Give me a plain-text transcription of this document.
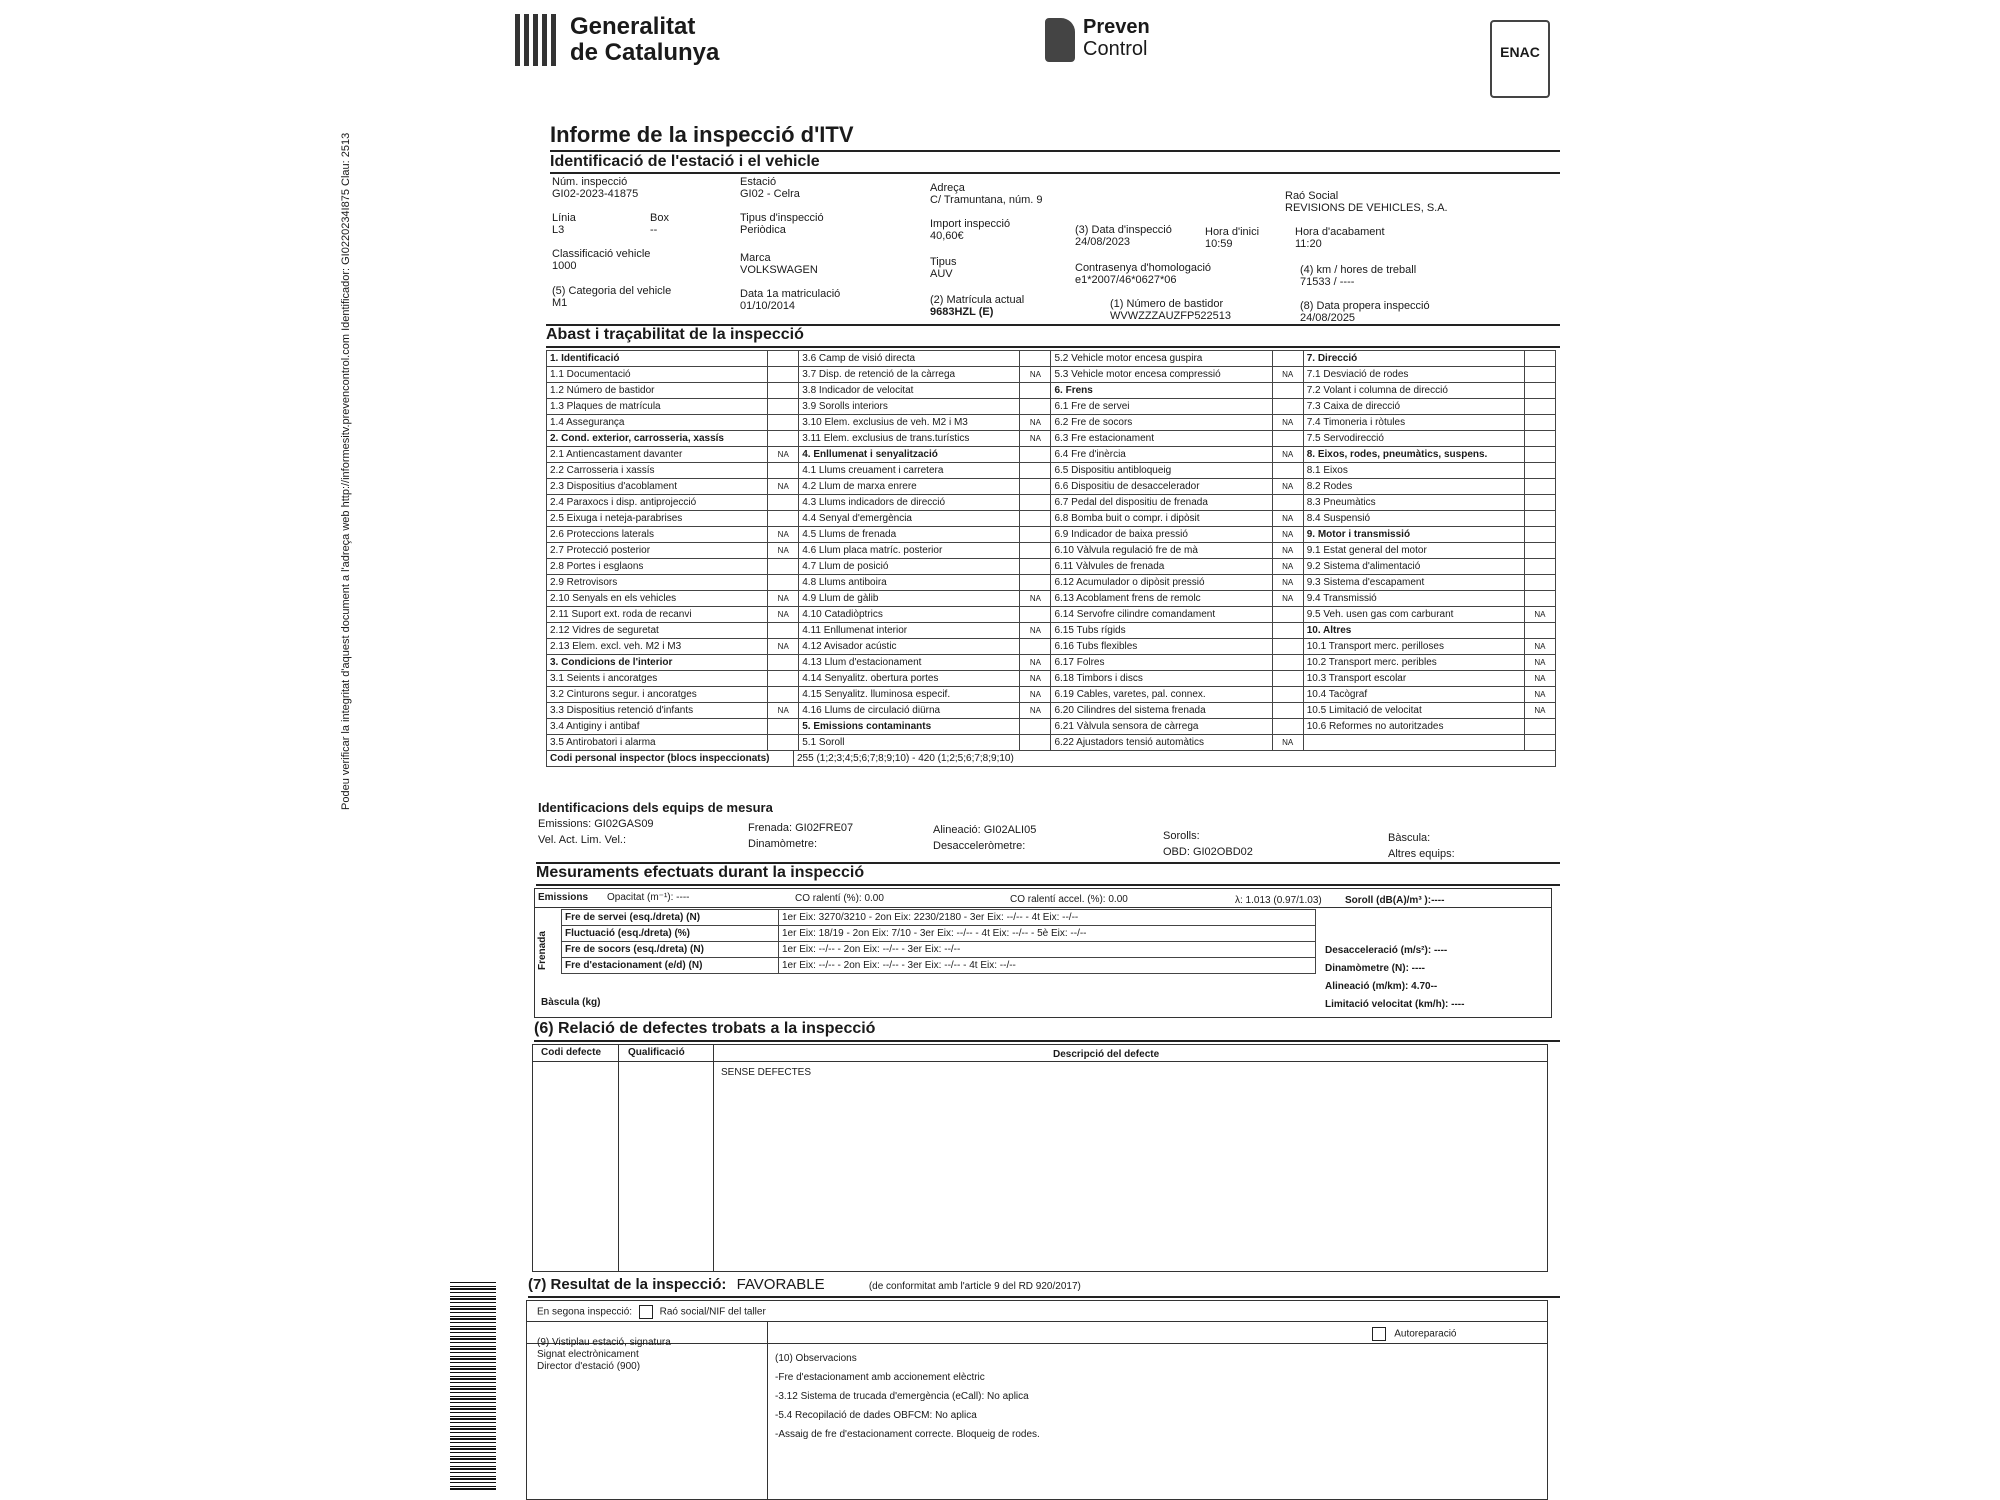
Generalitat
de Catalunya
Preven
Control	ENAC
Informe de la inspecció d'ITV
Identificació de l'estació i el vehicle
Núm. inspecció
GI02-2023-41875
Estació
GI02 - Celra	Adreça
C/ Tramuntana, núm. 9	Raó Social
REVISIONS DE VEHICLES, S.A.
Línia
L3
Box
--
Tipus d'inspecció
Periòdica	Import inspecció
40,60€	(3) Data d'inspecció
24/08/2023
Hora d'inici
10:59
Hora d'acabament
11:20
Classificació vehicle
1000
Marca
VOLKSWAGEN
Tipus
AUV	Contrasenya d'homologació
e1*2007/46*0627*06
(4) km / hores de treball
71533 / ----
(5) Categoria del vehicle
M1
Data 1a matriculació
01/10/2014	(2) Matrícula actual
9683HZL (E)
(1) Número de bastidor
WVWZZZAUZFP522513
(8) Data propera inspecció
24/08/2025
Abast i traçabilitat de la inspecció
1. Identificació		3.6 Camp de visió directa		5.2 Vehicle motor encesa guspira		7. Direcció	
1.1 Documentació		3.7 Disp. de retenció de la càrrega	NA	5.3 Vehicle motor encesa compressió	NA	7.1 Desviació de rodes	
1.2 Número de bastidor		3.8 Indicador de velocitat		6. Frens		7.2 Volant i columna de direcció	
1.3 Plaques de matrícula		3.9 Sorolls interiors		6.1 Fre de servei		7.3 Caixa de direcció	
1.4 Assegurança		3.10 Elem. exclusius de veh. M2 i M3	NA	6.2 Fre de socors	NA	7.4 Timoneria i ròtules	
2. Cond. exterior, carrosseria, xassís		3.11 Elem. exclusius de trans.turístics	NA	6.3 Fre estacionament		7.5 Servodirecció	
2.1 Antiencastament davanter	NA	4. Enllumenat i senyalització		6.4 Fre d'inèrcia	NA	8. Eixos, rodes, pneumàtics, suspens.	
2.2 Carrosseria i xassís		4.1 Llums creuament i carretera		6.5 Dispositiu antibloqueig		8.1 Eixos	
2.3 Dispositius d'acoblament	NA	4.2 Llum de marxa enrere		6.6 Dispositiu de desaccelerador	NA	8.2 Rodes	
2.4 Paraxocs i disp. antiprojecció		4.3 Llums indicadors de direcció		6.7 Pedal del dispositiu de frenada		8.3 Pneumàtics	
2.5 Eixuga i neteja-parabrises		4.4 Senyal d'emergència		6.8 Bomba buit o compr. i dipòsit	NA	8.4 Suspensió	
2.6 Proteccions laterals	NA	4.5 Llums de frenada		6.9 Indicador de baixa pressió	NA	9. Motor i transmissió	
2.7 Protecció posterior	NA	4.6 Llum placa matríc. posterior		6.10 Vàlvula regulació fre de mà	NA	9.1 Estat general del motor	
2.8 Portes i esglaons		4.7 Llum de posició		6.11 Vàlvules de frenada	NA	9.2 Sistema d'alimentació	
2.9 Retrovisors		4.8 Llums antiboira		6.12 Acumulador o dipòsit pressió	NA	9.3 Sistema d'escapament	
2.10 Senyals en els vehicles	NA	4.9 Llum de gàlib	NA	6.13 Acoblament frens de remolc	NA	9.4 Transmissió	
2.11 Suport ext. roda de recanvi	NA	4.10 Catadiòptrics		6.14 Servofre cilindre comandament		9.5 Veh. usen gas com carburant	NA
2.12 Vidres de seguretat		4.11 Enllumenat interior	NA	6.15 Tubs rígids		10. Altres	
2.13 Elem. excl. veh. M2 i M3	NA	4.12 Avisador acústic		6.16 Tubs flexibles		10.1 Transport merc. perilloses	NA
3. Condicions de l'interior		4.13 Llum d'estacionament	NA	6.17 Folres		10.2 Transport merc. peribles	NA
3.1 Seients i ancoratges		4.14 Senyalitz. obertura portes	NA	6.18 Timbors i discs		10.3 Transport escolar	NA
3.2 Cinturons segur. i ancoratges		4.15 Senyalitz. lluminosa especif.	NA	6.19 Cables, varetes, pal. connex.		10.4 Tacògraf	NA
3.3 Dispositius retenció d'infants	NA	4.16 Llums de circulació diürna	NA	6.20 Cilindres del sistema frenada		10.5 Limitació de velocitat	NA
3.4 Antiginy i antibaf		5. Emissions contaminants		6.21 Vàlvula sensora de càrrega		10.6 Reformes no autoritzades	
3.5 Antirobatori i alarma		5.1 Soroll		6.22 Ajustadors tensió automàtics	NA		
Codi personal inspector (blocs inspeccionats)	255 (1;2;3;4;5;6;7;8;9;10) - 420 (1;2;5;6;7;8;9;10)
Identificacions dels equips de mesura
Emissions: GI02GAS09	Frenada: GI02FRE07	Alineació: GI02ALI05	Sorolls:	Bàscula:
Vel. Act. Lim. Vel.:	Dinamòmetre:	Desacceleròmetre:	OBD: GI02OBD02	Altres equips:
Mesuraments efectuats durant la inspecció
Emissions Opacitat (m⁻¹): ----	CO ralentí (%): 0.00	CO ralentí accel. (%): 0.00	λ: 1.013 (0.97/1.03) Soroll (dB(A)/m³ ):----
Frenada
Fre de servei (esq./dreta) (N)	1er Eix: 3270/3210 - 2on Eix: 2230/2180 - 3er Eix: --/-- - 4t Eix: --/--
Fluctuació (esq./dreta) (%)	1er Eix: 18/19 - 2on Eix: 7/10 - 3er Eix: --/-- - 4t Eix: --/-- - 5è Eix: --/--
Fre de socors (esq./dreta) (N)	1er Eix: --/-- - 2on Eix: --/-- - 3er Eix: --/--
Fre d'estacionament (e/d) (N)	1er Eix: --/-- - 2on Eix: --/-- - 3er Eix: --/-- - 4t Eix: --/--
Bàscula (kg)
Desacceleració (m/s²): ----
Dinamòmetre (N): ----
Alineació (m/km): 4.70--
Limitació velocitat (km/h): ----
(6) Relació de defectes trobats a la inspecció
Codi defecte	Qualificació	Descripció del defecte
SENSE DEFECTES
(7) Resultat de la inspecció: FAVORABLE	(de conformitat amb l'article 9 del RD 920/2017)
En segona inspecció:	Raó social/NIF del taller
Autoreparació
(9) Vistiplau estació, signatura
Signat electrònicament
Director d'estació (900)
(10) Observacions
-Fre d'estacionament amb accionement elèctric
-3.12 Sistema de trucada d'emergència (eCall): No aplica
-5.4 Recopilació de dades OBFCM: No aplica
-Assaig de fre d'estacionament correcte. Bloqueig de rodes.
Podeu verificar la integritat d'aquest document a l'adreça web http://informesitv.prevencontrol.com Identificador: GI0220234I875 Clau: 2513
